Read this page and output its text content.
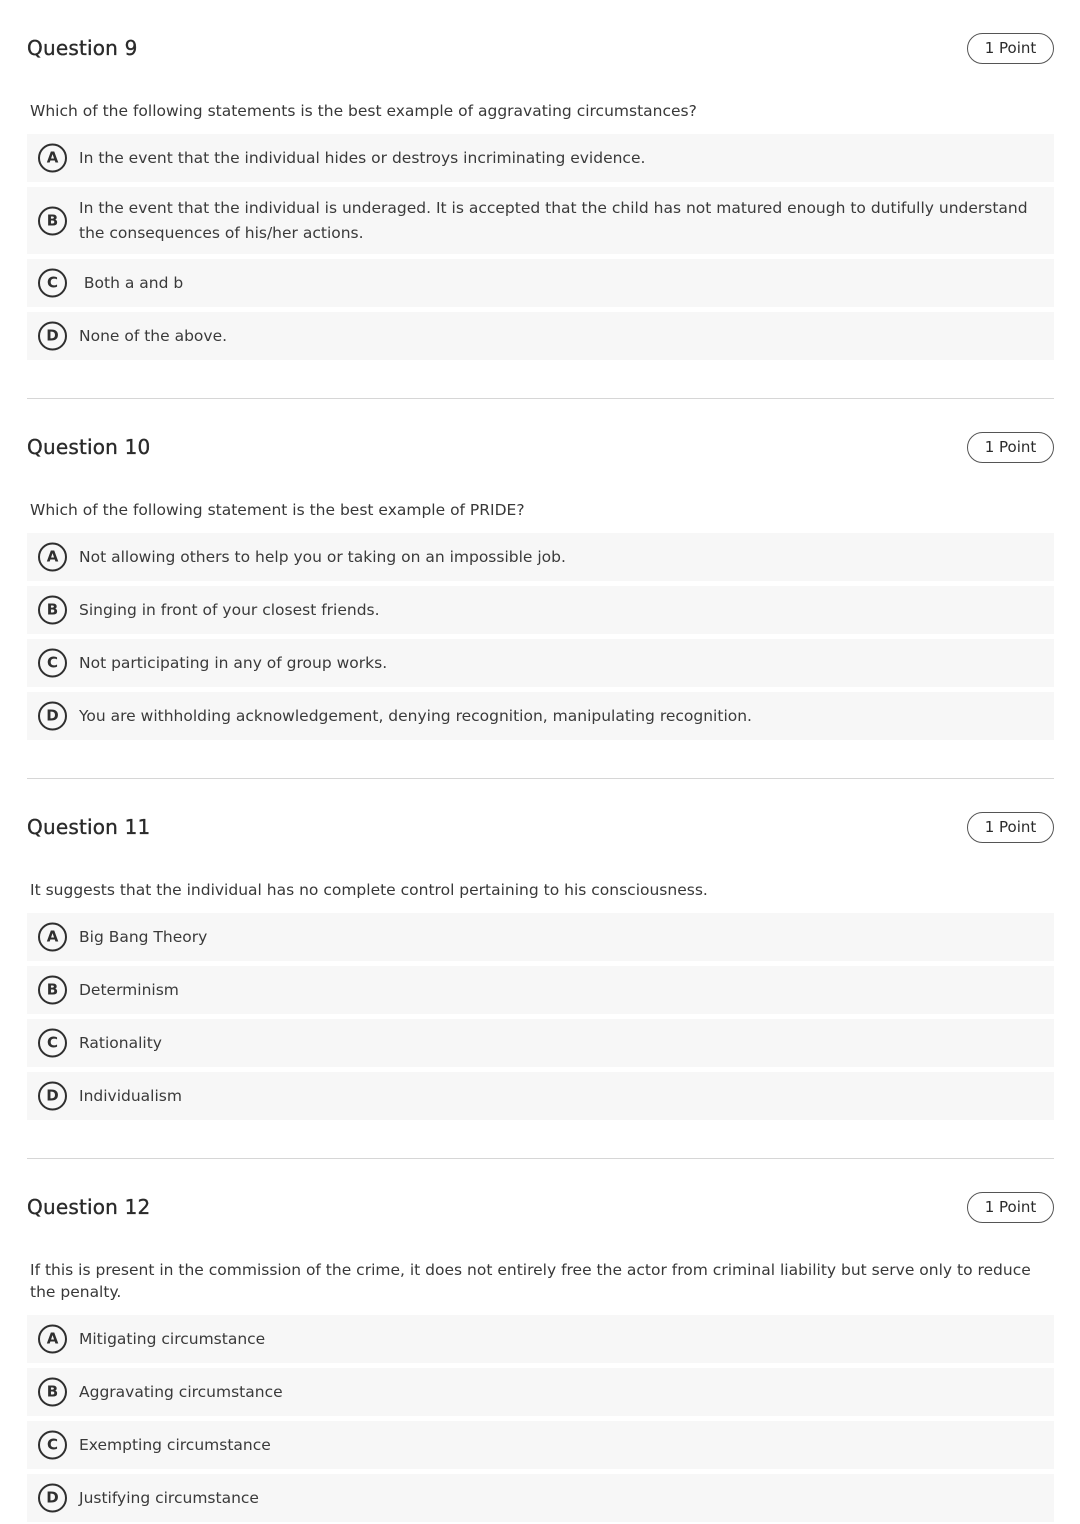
Question 9	1 Point

Which of the following statements is the best example of aggravating circumstances?

A	In the event that the individual hides or destroys incriminating evidence.
B
In the event that the individual is underaged. It is accepted that the child has not matured enough to dutifully understand the consequences of his/her actions.
C	Both a and b
D	None of the above.
Question 10	1 Point

Which of the following statement is the best example of PRIDE?

A	Not allowing others to help you or taking on an impossible job.
B	Singing in front of your closest friends.
C	Not participating in any of group works.
D	You are withholding acknowledgement, denying recognition, manipulating recognition.
Question 11	1 Point

It suggests that the individual has no complete control pertaining to his consciousness.

A	Big Bang Theory
B	Determinism
C	Rationality
D	Individualism
Question 12	1 Point

If this is present in the commission of the crime, it does not entirely free the actor from criminal liability but serve only to reduce the penalty.

A	Mitigating circumstance
B	Aggravating circumstance
C	Exempting circumstance
D	Justifying circumstance
